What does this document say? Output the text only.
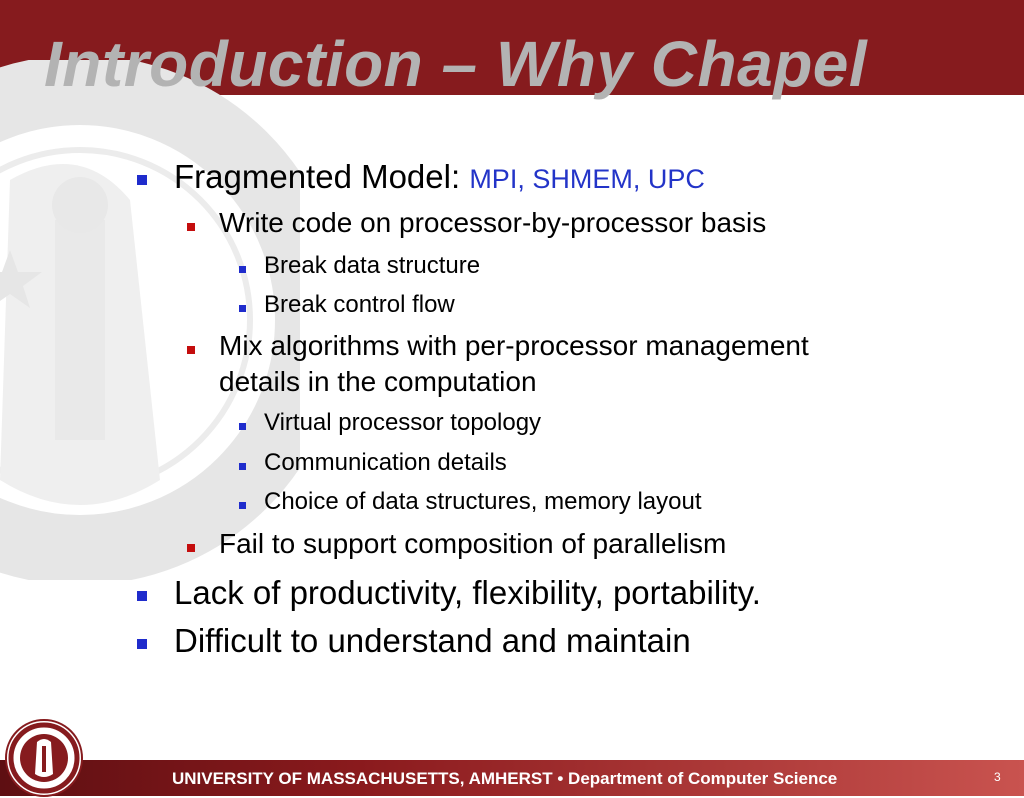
Introduction – Why Chapel
Fragmented Model: MPI, SHMEM, UPC
Write code on processor-by-processor basis
Break data structure
Break control flow
Mix algorithms with per-processor management
details in the computation
Virtual processor topology
Communication details
Choice of data structures, memory layout
Fail to support composition of parallelism
Lack of productivity, flexibility, portability.
Difficult to understand and maintain
UNIVERSITY OF MASSACHUSETTS, AMHERST • Department of Computer Science	3
